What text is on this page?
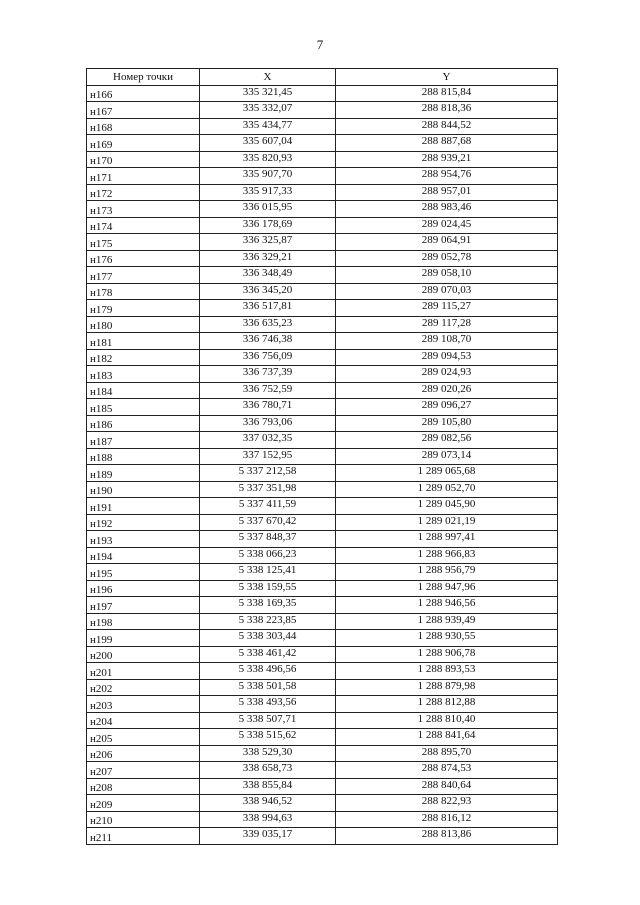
7
Номер точки	X	Y
н166	335 321,45	288 815,84
н167	335 332,07	288 818,36
н168	335 434,77	288 844,52
н169	335 607,04	288 887,68
н170	335 820,93	288 939,21
н171	335 907,70	288 954,76
н172	335 917,33	288 957,01
н173	336 015,95	288 983,46
н174	336 178,69	289 024,45
н175	336 325,87	289 064,91
н176	336 329,21	289 052,78
н177	336 348,49	289 058,10
н178	336 345,20	289 070,03
н179	336 517,81	289 115,27
н180	336 635,23	289 117,28
н181	336 746,38	289 108,70
н182	336 756,09	289 094,53
н183	336 737,39	289 024,93
н184	336 752,59	289 020,26
н185	336 780,71	289 096,27
н186	336 793,06	289 105,80
н187	337 032,35	289 082,56
н188	337 152,95	289 073,14
н189	5 337 212,58	1 289 065,68
н190	5 337 351,98	1 289 052,70
н191	5 337 411,59	1 289 045,90
н192	5 337 670,42	1 289 021,19
н193	5 337 848,37	1 288 997,41
н194	5 338 066,23	1 288 966,83
н195	5 338 125,41	1 288 956,79
н196	5 338 159,55	1 288 947,96
н197	5 338 169,35	1 288 946,56
н198	5 338 223,85	1 288 939,49
н199	5 338 303,44	1 288 930,55
н200	5 338 461,42	1 288 906,78
н201	5 338 496,56	1 288 893,53
н202	5 338 501,58	1 288 879,98
н203	5 338 493,56	1 288 812,88
н204	5 338 507,71	1 288 810,40
н205	5 338 515,62	1 288 841,64
н206	338 529,30	288 895,70
н207	338 658,73	288 874,53
н208	338 855,84	288 840,64
н209	338 946,52	288 822,93
н210	338 994,63	288 816,12
н211	339 035,17	288 813,86
